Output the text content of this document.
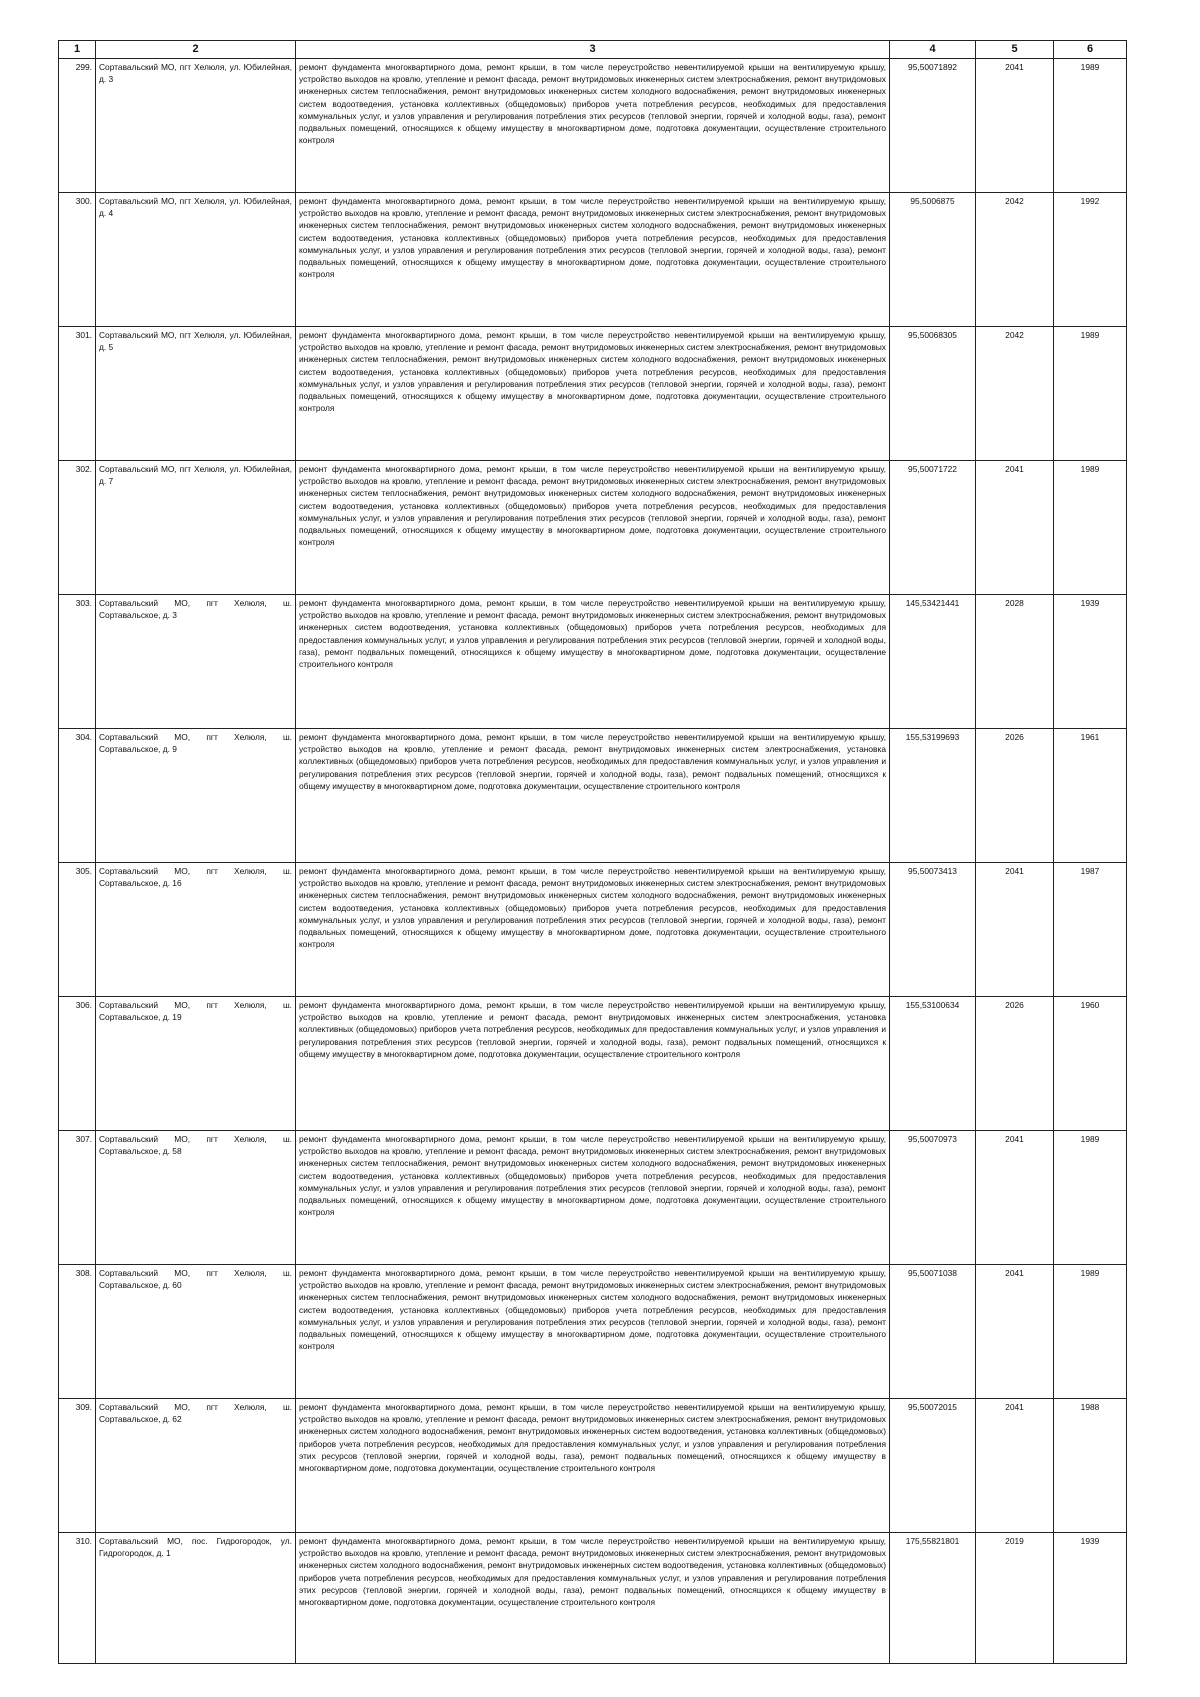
1	2	3	4	5	6
299.	Сортавальский МО, пгт Хелюля, ул. Юбилейная, д. 3	ремонт фундамента многоквартирного дома, ремонт крыши, в том числе переустройство невентилируемой крыши на вентилируемую крышу, устройство выходов на кровлю, утепление и ремонт фасада, ремонт внутридомовых инженерных систем электроснабжения, ремонт внутридомовых инженерных систем теплоснабжения, ремонт внутридомовых инженерных систем холодного водоснабжения, ремонт внутридомовых инженерных систем водоотведения, установка коллективных (общедомовых) приборов учета потребления ресурсов, необходимых для предоставления коммунальных услуг, и узлов управления и регулирования потребления этих ресурсов (тепловой энергии, горячей и холодной воды, газа), ремонт подвальных помещений, относящихся к общему имуществу в многоквартирном доме, подготовка документации, осуществление строительного контроля	95,50071892	2041	1989
300.	Сортавальский МО, пгт Хелюля, ул. Юбилейная, д. 4	ремонт фундамента многоквартирного дома, ремонт крыши, в том числе переустройство невентилируемой крыши на вентилируемую крышу, устройство выходов на кровлю, утепление и ремонт фасада, ремонт внутридомовых инженерных систем электроснабжения, ремонт внутридомовых инженерных систем теплоснабжения, ремонт внутридомовых инженерных систем холодного водоснабжения, ремонт внутридомовых инженерных систем водоотведения, установка коллективных (общедомовых) приборов учета потребления ресурсов, необходимых для предоставления коммунальных услуг, и узлов управления и регулирования потребления этих ресурсов (тепловой энергии, горячей и холодной воды, газа), ремонт подвальных помещений, относящихся к общему имуществу в многоквартирном доме, подготовка документации, осуществление строительного контроля	95,5006875	2042	1992
301.	Сортавальский МО, пгт Хелюля, ул. Юбилейная, д. 5	ремонт фундамента многоквартирного дома, ремонт крыши, в том числе переустройство невентилируемой крыши на вентилируемую крышу, устройство выходов на кровлю, утепление и ремонт фасада, ремонт внутридомовых инженерных систем электроснабжения, ремонт внутридомовых инженерных систем теплоснабжения, ремонт внутридомовых инженерных систем холодного водоснабжения, ремонт внутридомовых инженерных систем водоотведения, установка коллективных (общедомовых) приборов учета потребления ресурсов, необходимых для предоставления коммунальных услуг, и узлов управления и регулирования потребления этих ресурсов (тепловой энергии, горячей и холодной воды, газа), ремонт подвальных помещений, относящихся к общему имуществу в многоквартирном доме, подготовка документации, осуществление строительного контроля	95,50068305	2042	1989
302.	Сортавальский МО, пгт Хелюля, ул. Юбилейная, д. 7	ремонт фундамента многоквартирного дома, ремонт крыши, в том числе переустройство невентилируемой крыши на вентилируемую крышу, устройство выходов на кровлю, утепление и ремонт фасада, ремонт внутридомовых инженерных систем электроснабжения, ремонт внутридомовых инженерных систем теплоснабжения, ремонт внутридомовых инженерных систем холодного водоснабжения, ремонт внутридомовых инженерных систем водоотведения, установка коллективных (общедомовых) приборов учета потребления ресурсов, необходимых для предоставления коммунальных услуг, и узлов управления и регулирования потребления этих ресурсов (тепловой энергии, горячей и холодной воды, газа), ремонт подвальных помещений, относящихся к общему имуществу в многоквартирном доме, подготовка документации, осуществление строительного контроля	95,50071722	2041	1989
303.	Сортавальский МО, пгт Хелюля, ш. Сортавальское, д. 3	ремонт фундамента многоквартирного дома, ремонт крыши, в том числе переустройство невентилируемой крыши на вентилируемую крышу, устройство выходов на кровлю, утепление и ремонт фасада, ремонт внутридомовых инженерных систем электроснабжения, ремонт внутридомовых инженерных систем водоотведения, установка коллективных (общедомовых) приборов учета потребления ресурсов, необходимых для предоставления коммунальных услуг, и узлов управления и регулирования потребления этих ресурсов (тепловой энергии, горячей и холодной воды, газа), ремонт подвальных помещений, относящихся к общему имуществу в многоквартирном доме, подготовка документации, осуществление строительного контроля	145,53421441	2028	1939
304.	Сортавальский МО, пгт Хелюля, ш. Сортавальское, д. 9	ремонт фундамента многоквартирного дома, ремонт крыши, в том числе переустройство невентилируемой крыши на вентилируемую крышу, устройство выходов на кровлю, утепление и ремонт фасада, ремонт внутридомовых инженерных систем электроснабжения, установка коллективных (общедомовых) приборов учета потребления ресурсов, необходимых для предоставления коммунальных услуг, и узлов управления и регулирования потребления этих ресурсов (тепловой энергии, горячей и холодной воды, газа), ремонт подвальных помещений, относящихся к общему имуществу в многоквартирном доме, подготовка документации, осуществление строительного контроля	155,53199693	2026	1961
305.	Сортавальский МО, пгт Хелюля, ш. Сортавальское, д. 16	ремонт фундамента многоквартирного дома, ремонт крыши, в том числе переустройство невентилируемой крыши на вентилируемую крышу, устройство выходов на кровлю, утепление и ремонт фасада, ремонт внутридомовых инженерных систем электроснабжения, ремонт внутридомовых инженерных систем теплоснабжения, ремонт внутридомовых инженерных систем холодного водоснабжения, ремонт внутридомовых инженерных систем водоотведения, установка коллективных (общедомовых) приборов учета потребления ресурсов, необходимых для предоставления коммунальных услуг, и узлов управления и регулирования потребления этих ресурсов (тепловой энергии, горячей и холодной воды, газа), ремонт подвальных помещений, относящихся к общему имуществу в многоквартирном доме, подготовка документации, осуществление строительного контроля	95,50073413	2041	1987
306.	Сортавальский МО, пгт Хелюля, ш. Сортавальское, д. 19	ремонт фундамента многоквартирного дома, ремонт крыши, в том числе переустройство невентилируемой крыши на вентилируемую крышу, устройство выходов на кровлю, утепление и ремонт фасада, ремонт внутридомовых инженерных систем электроснабжения, установка коллективных (общедомовых) приборов учета потребления ресурсов, необходимых для предоставления коммунальных услуг, и узлов управления и регулирования потребления этих ресурсов (тепловой энергии, горячей и холодной воды, газа), ремонт подвальных помещений, относящихся к общему имуществу в многоквартирном доме, подготовка документации, осуществление строительного контроля	155,53100634	2026	1960
307.	Сортавальский МО, пгт Хелюля, ш. Сортавальское, д. 58	ремонт фундамента многоквартирного дома, ремонт крыши, в том числе переустройство невентилируемой крыши на вентилируемую крышу, устройство выходов на кровлю, утепление и ремонт фасада, ремонт внутридомовых инженерных систем электроснабжения, ремонт внутридомовых инженерных систем теплоснабжения, ремонт внутридомовых инженерных систем холодного водоснабжения, ремонт внутридомовых инженерных систем водоотведения, установка коллективных (общедомовых) приборов учета потребления ресурсов, необходимых для предоставления коммунальных услуг, и узлов управления и регулирования потребления этих ресурсов (тепловой энергии, горячей и холодной воды, газа), ремонт подвальных помещений, относящихся к общему имуществу в многоквартирном доме, подготовка документации, осуществление строительного контроля	95,50070973	2041	1989
308.	Сортавальский МО, пгт Хелюля, ш. Сортавальское, д. 60	ремонт фундамента многоквартирного дома, ремонт крыши, в том числе переустройство невентилируемой крыши на вентилируемую крышу, устройство выходов на кровлю, утепление и ремонт фасада, ремонт внутридомовых инженерных систем электроснабжения, ремонт внутридомовых инженерных систем теплоснабжения, ремонт внутридомовых инженерных систем холодного водоснабжения, ремонт внутридомовых инженерных систем водоотведения, установка коллективных (общедомовых) приборов учета потребления ресурсов, необходимых для предоставления коммунальных услуг, и узлов управления и регулирования потребления этих ресурсов (тепловой энергии, горячей и холодной воды, газа), ремонт подвальных помещений, относящихся к общему имуществу в многоквартирном доме, подготовка документации, осуществление строительного контроля	95,50071038	2041	1989
309.	Сортавальский МО, пгт Хелюля, ш. Сортавальское, д. 62	ремонт фундамента многоквартирного дома, ремонт крыши, в том числе переустройство невентилируемой крыши на вентилируемую крышу, устройство выходов на кровлю, утепление и ремонт фасада, ремонт внутридомовых инженерных систем электроснабжения, ремонт внутридомовых инженерных систем холодного водоснабжения, ремонт внутридомовых инженерных систем водоотведения, установка коллективных (общедомовых) приборов учета потребления ресурсов, необходимых для предоставления коммунальных услуг, и узлов управления и регулирования потребления этих ресурсов (тепловой энергии, горячей и холодной воды, газа), ремонт подвальных помещений, относящихся к общему имуществу в многоквартирном доме, подготовка документации, осуществление строительного контроля	95,50072015	2041	1988
310.	Сортавальский МО, пос. Гидрогородок, ул. Гидрогородок, д. 1	ремонт фундамента многоквартирного дома, ремонт крыши, в том числе переустройство невентилируемой крыши на вентилируемую крышу, устройство выходов на кровлю, утепление и ремонт фасада, ремонт внутридомовых инженерных систем электроснабжения, ремонт внутридомовых инженерных систем холодного водоснабжения, ремонт внутридомовых инженерных систем водоотведения, установка коллективных (общедомовых) приборов учета потребления ресурсов, необходимых для предоставления коммунальных услуг, и узлов управления и регулирования потребления этих ресурсов (тепловой энергии, горячей и холодной воды, газа), ремонт подвальных помещений, относящихся к общему имуществу в многоквартирном доме, подготовка документации, осуществление строительного контроля	175,55821801	2019	1939
